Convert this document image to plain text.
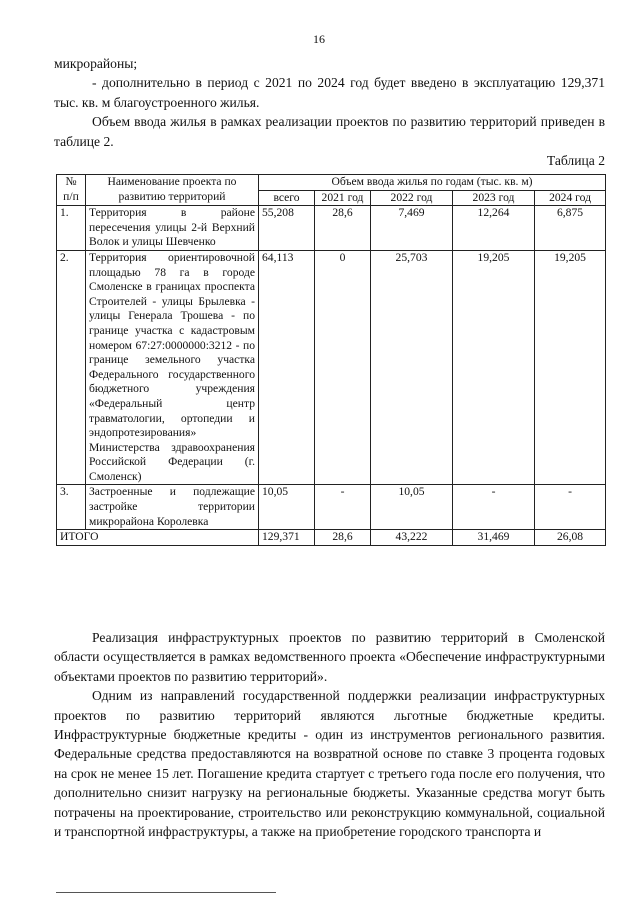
16

микрорайоны;

- дополнительно в период с 2021 по 2024 год будет введено в эксплуатацию 129,371 тыс. кв. м благоустроенного жилья.

Объем ввода жилья в рамках реализации проектов по развитию территорий приведен в таблице 2.

Таблица 2

№ п/п	Наименование проекта по развитию территорий	Объем ввода жилья по годам (тыс. кв. м)				
		всего	2021 год	2022 год	2023 год	2024 год
1.	Территория в районе пересечения улицы 2-й Верхний Волок и улицы Шевченко	55,208	28,6	7,469	12,264	6,875
2.	Территория ориентировочной площадью 78 га в городе Смоленске в границах проспекта Строителей - улицы Брылевка - улицы Генерала Трошева - по границе участка с кадастровым номером 67:27:0000000:3212 - по границе земельного участка Федерального государственного бюджетного учреждения «Федеральный центр травматологии, ортопедии и эндопротезирования» Министерства здравоохранения Российской Федерации (г. Смоленск)	64,113	0	25,703	19,205	19,205
3.	Застроенные и подлежащие застройке территории микрорайона Королевка	10,05	-	10,05	-	-
ИТОГО		129,371	28,6	43,222	31,469	26,08

Реализация инфраструктурных проектов по развитию территорий в Смоленской области осуществляется в рамках ведомственного проекта «Обеспечение инфраструктурными объектами проектов по развитию территорий».

Одним из направлений государственной поддержки реализации инфраструктурных проектов по развитию территорий являются льготные бюджетные кредиты. Инфраструктурные бюджетные кредиты - один из инструментов регионального развития. Федеральные средства предоставляются на возвратной основе по ставке 3 процента годовых на срок не менее 15 лет. Погашение кредита стартует с третьего года после его получения, что дополнительно снизит нагрузку на региональные бюджеты. Указанные средства могут быть потрачены на проектирование, строительство или реконструкцию коммунальной, социальной и транспортной инфраструктуры, а также на приобретение городского транспорта и
